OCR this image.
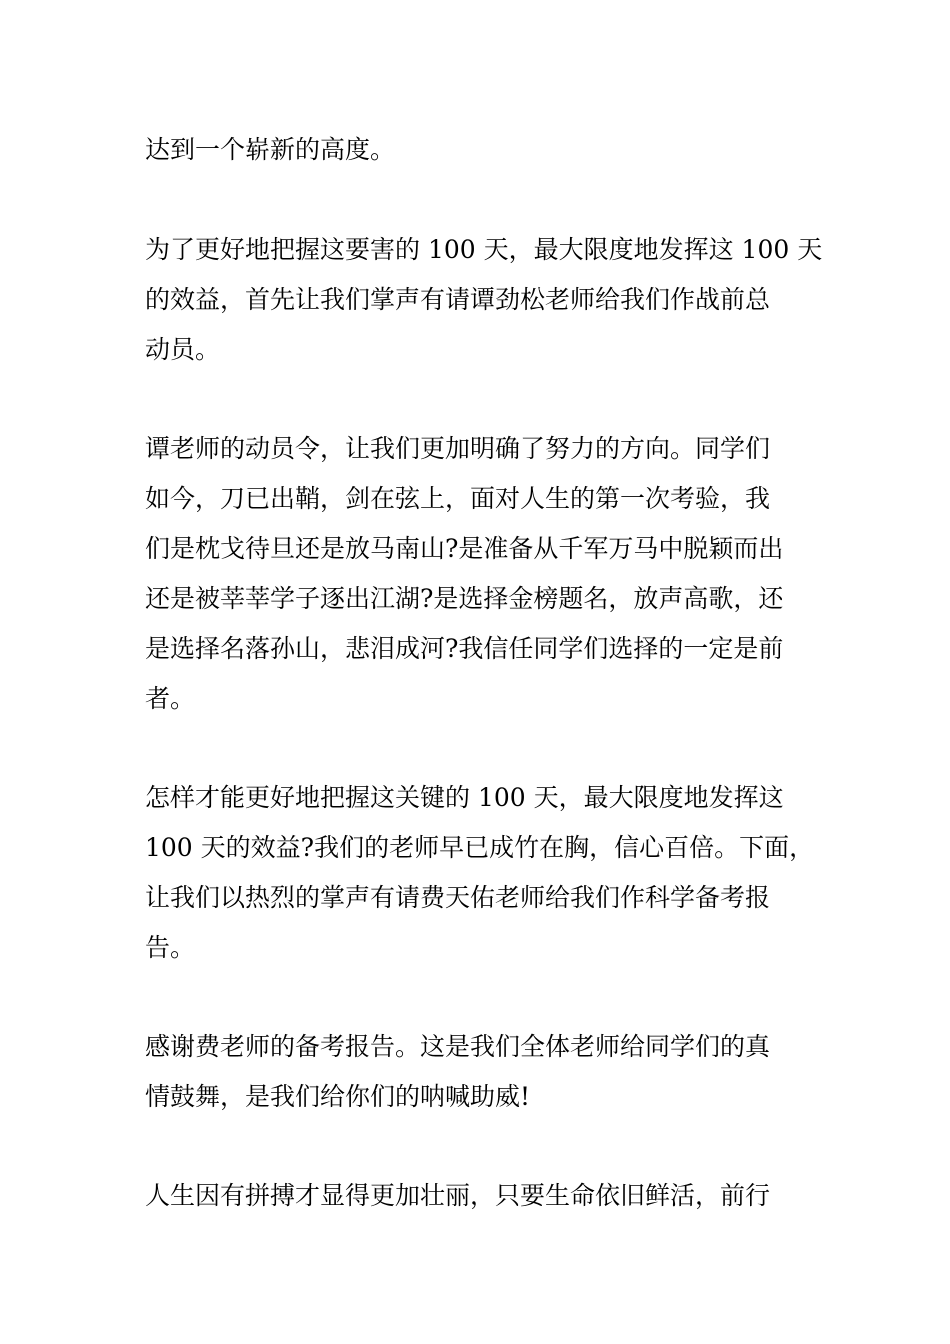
达到一个崭新的高度。
为了更好地把握这要害的 100 天，最大限度地发挥这 100 天
的效益，首先让我们掌声有请谭劲松老师给我们作战前总
动员。
谭老师的动员令，让我们更加明确了努力的方向。同学们
如今，刀已出鞘，剑在弦上，面对人生的第一次考验，我
们是枕戈待旦还是放马南山?是准备从千军万马中脱颖而出
还是被莘莘学子逐出江湖?是选择金榜题名，放声高歌，还
是选择名落孙山，悲泪成河?我信任同学们选择的一定是前
者。
怎样才能更好地把握这关键的 100 天，最大限度地发挥这
100 天的效益?我们的老师早已成竹在胸，信心百倍。下面，
让我们以热烈的掌声有请费天佑老师给我们作科学备考报
告。
感谢费老师的备考报告。这是我们全体老师给同学们的真
情鼓舞，是我们给你们的呐喊助威!
人生因有拼搏才显得更加壮丽，只要生命依旧鲜活，前行
